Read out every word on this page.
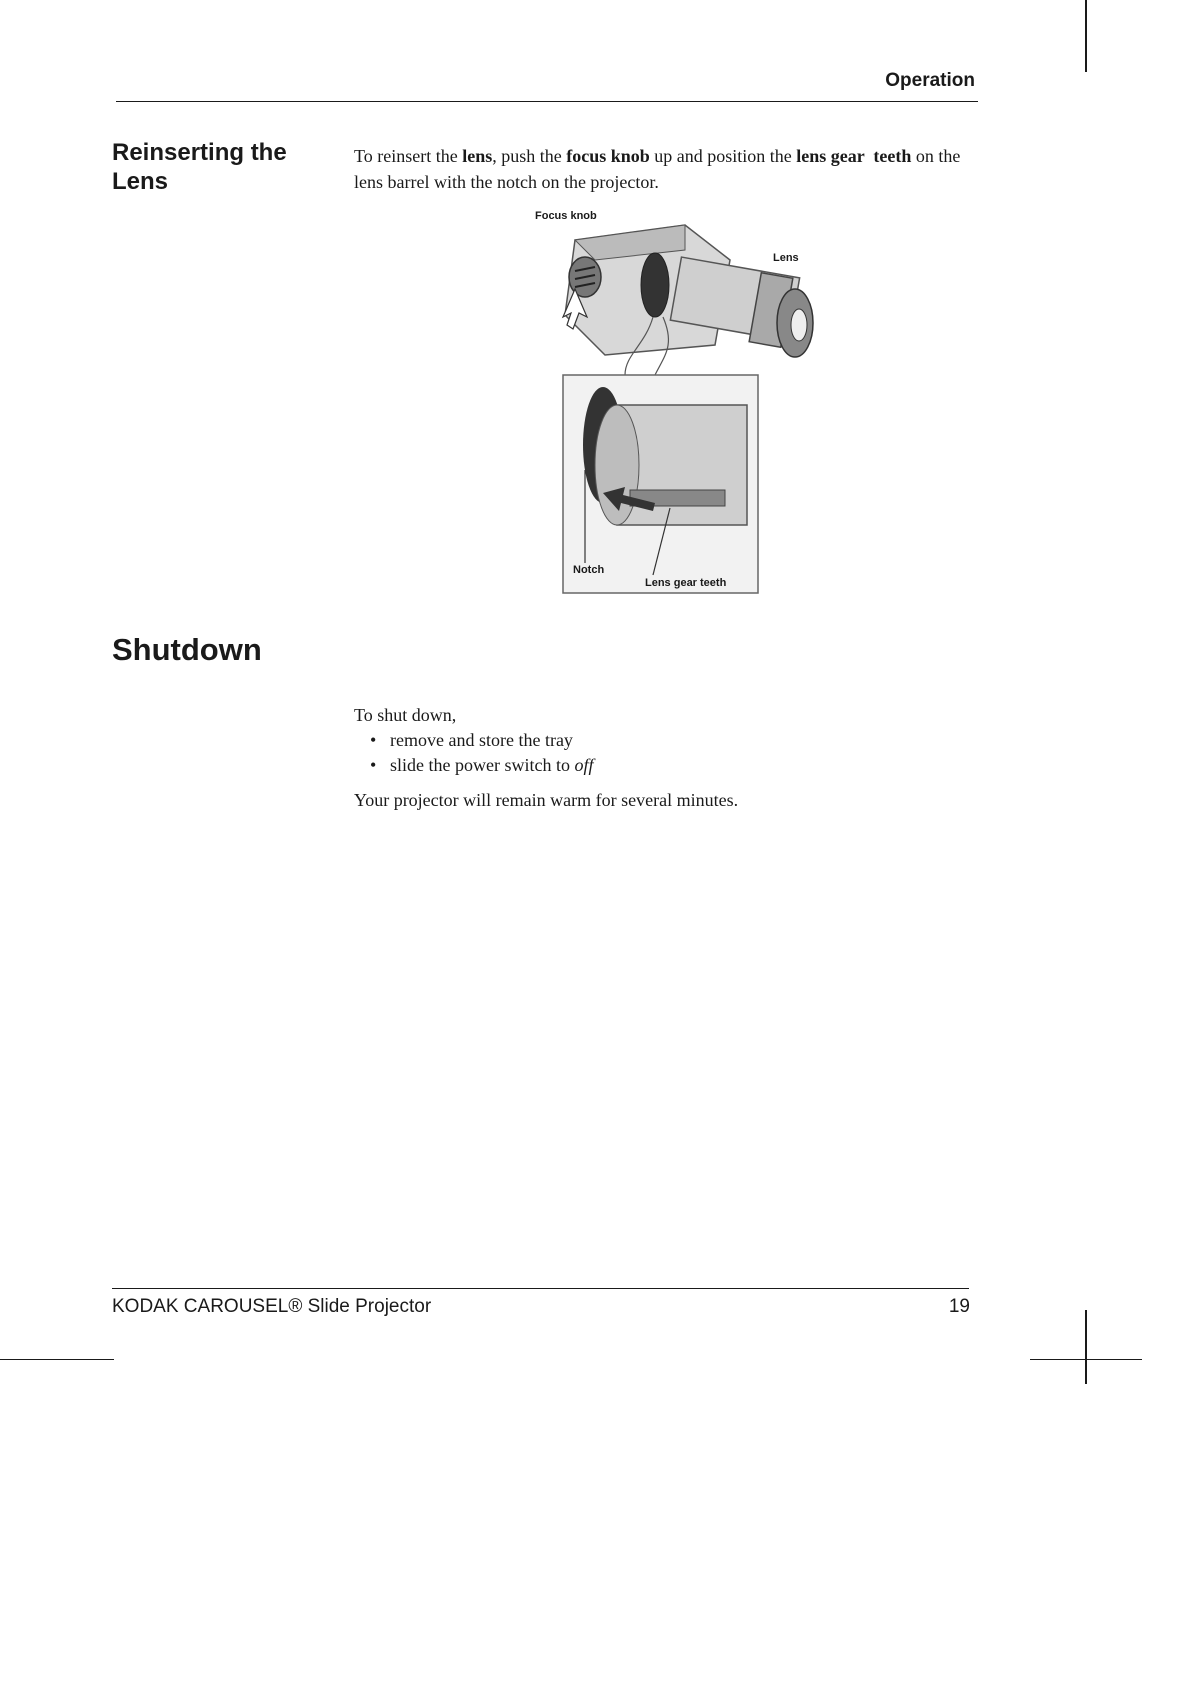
Operation
Reinserting the Lens

To reinsert the lens, push the focus knob up and position the lens gear  teeth on the lens barrel with the notch on the projector.

Focus knob
Lens
Notch
Lens gear teeth
Shutdown

To shut down,

• remove and store the tray
• slide the power switch to off

Your projector will remain warm for several minutes.

KODAK CAROUSEL® Slide Projector	19
